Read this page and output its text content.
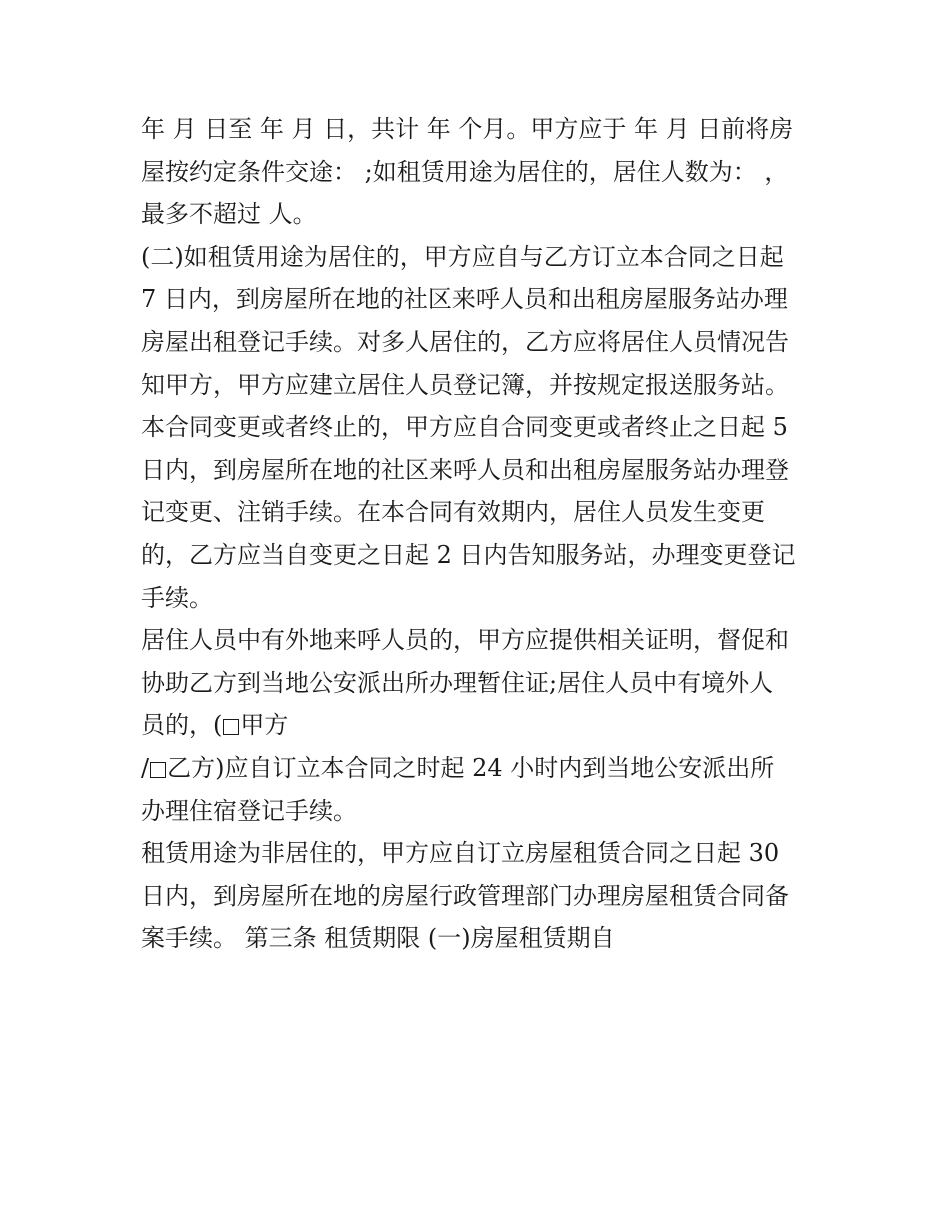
年 月 日至 年 月 日，共计 年 个月。甲方应于 年 月 日前将房
屋按约定条件交途： ;如租赁用途为居住的，居住人数为： ，
最多不超过 人。
(二)如租赁用途为居住的，甲方应自与乙方订立本合同之日起
7 日内，到房屋所在地的社区来呼人员和出租房屋服务站办理
房屋出租登记手续。对多人居住的，乙方应将居住人员情况告
知甲方，甲方应建立居住人员登记簿，并按规定报送服务站。
本合同变更或者终止的，甲方应自合同变更或者终止之日起 5
日内，到房屋所在地的社区来呼人员和出租房屋服务站办理登
记变更、注销手续。在本合同有效期内，居住人员发生变更
的，乙方应当自变更之日起 2 日内告知服务站，办理变更登记
手续。
居住人员中有外地来呼人员的，甲方应提供相关证明，督促和
协助乙方到当地公安派出所办理暂住证;居住人员中有境外人
员的，( 甲方
/ 乙方)应自订立本合同之时起 24 小时内到当地公安派出所
办理住宿登记手续。
租赁用途为非居住的，甲方应自订立房屋租赁合同之日起 30
日内，到房屋所在地的房屋行政管理部门办理房屋租赁合同备
案手续。 第三条 租赁期限 (一)房屋租赁期自
